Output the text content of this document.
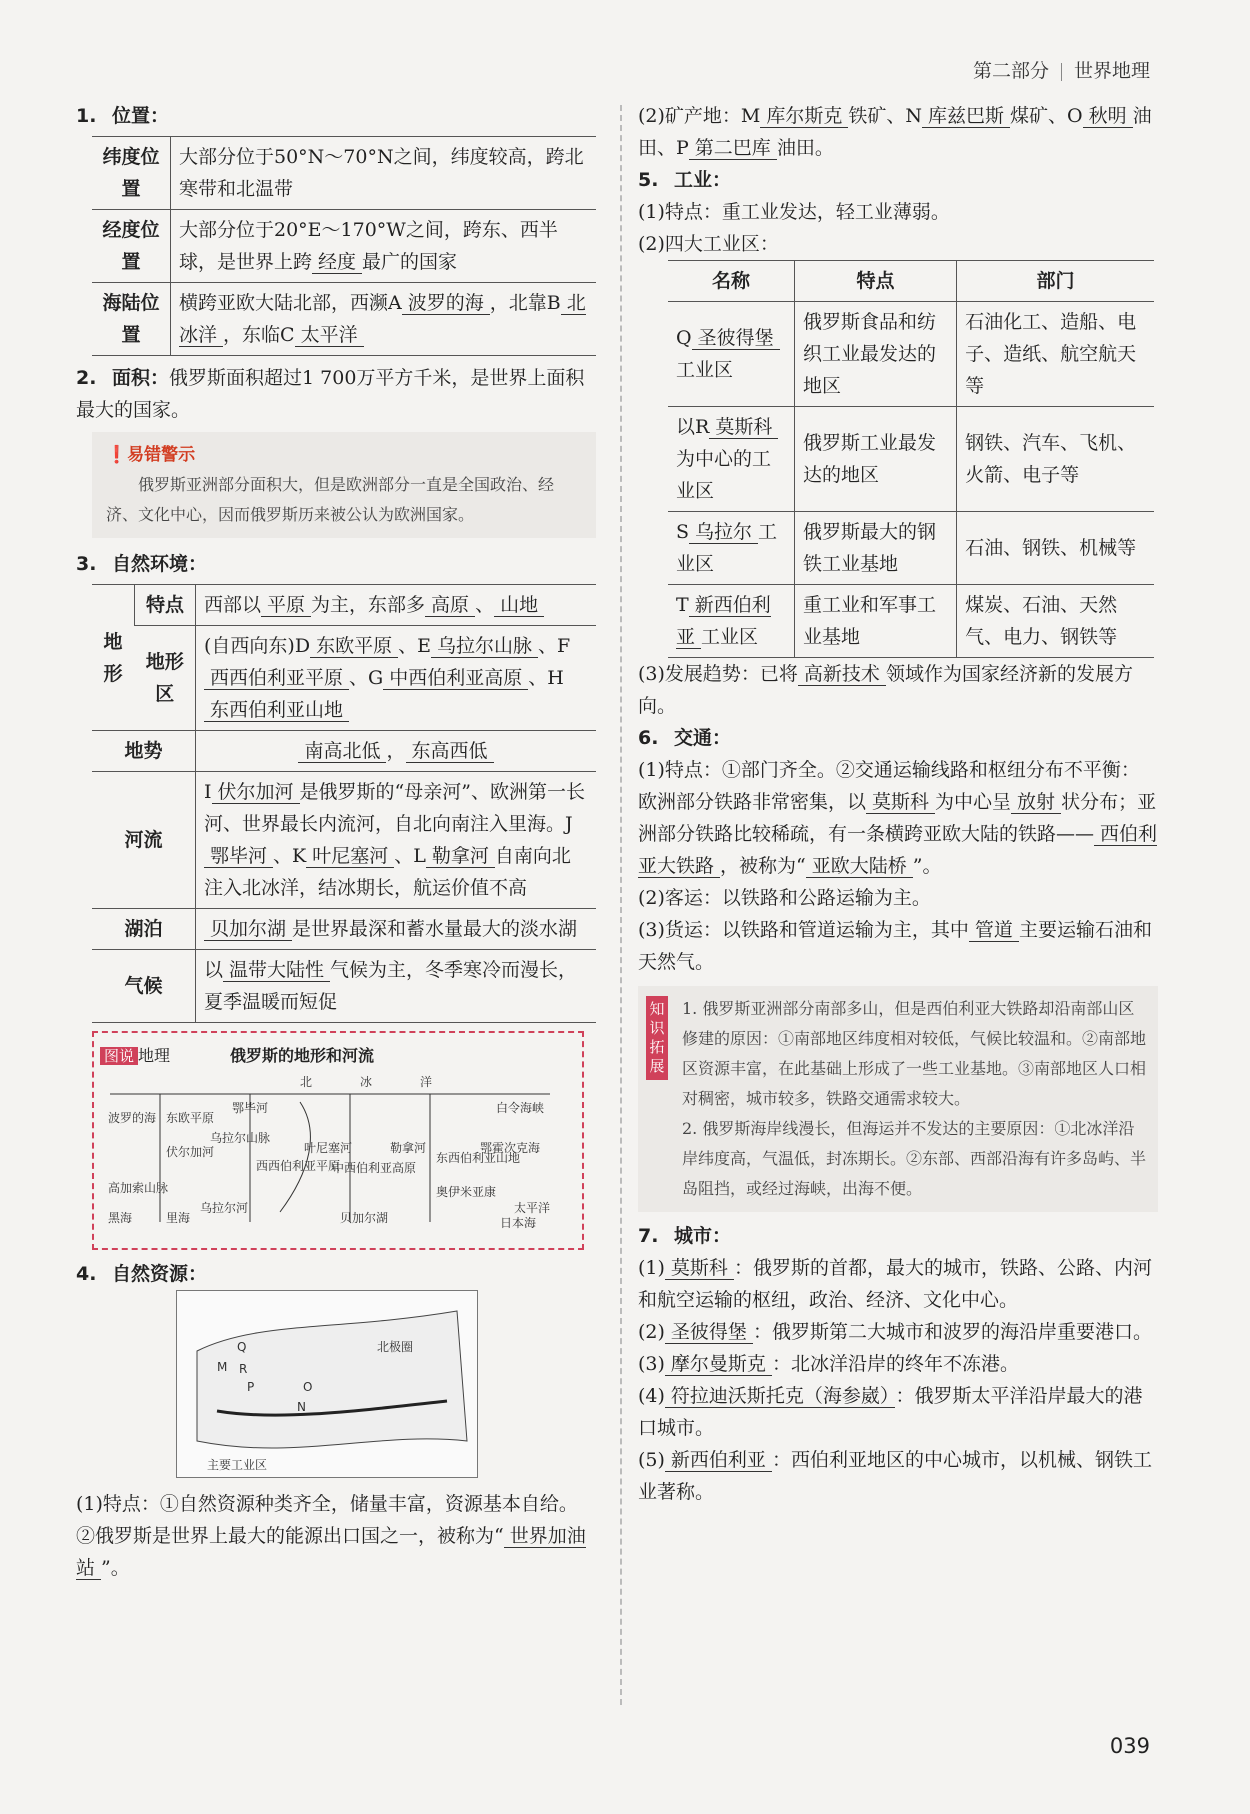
第二部分 世界地理
1. 位置：
纬度位置	大部分位于50°N～70°N之间，纬度较高，跨北寒带和北温带
经度位置	大部分位于20°E～170°W之间，跨东、西半球，是世界上跨 经度 最广的国家
海陆位置	横跨亚欧大陆北部，西濒A 波罗的海 ，北靠B 北冰洋 ，东临C 太平洋
2. 面积：俄罗斯面积超过1 700万平方千米，是世界上面积最大的国家。
❗易错警示
俄罗斯亚洲部分面积大，但是欧洲部分一直是全国政治、经济、文化中心，因而俄罗斯历来被公认为欧洲国家。
3. 自然环境：
地形	特点	西部以 平原 为主，东部多 高原 、 山地
	地形区	(自西向东)D 东欧平原 、E 乌拉尔山脉 、F西西伯利亚平原 、G 中西伯利亚高原 、H东西伯利亚山地
地势		南高北低 ， 东高西低
河流		I 伏尔加河 是俄罗斯的“母亲河”、欧洲第一长河、世界最长内流河，自北向南注入里海。J鄂毕河 、K 叶尼塞河 、L 勒拿河 自南向北注入北冰洋，结冰期长，航运价值不高
湖泊		贝加尔湖 是世界最深和蓄水量最大的淡水湖
气候		以 温带大陆性 气候为主，冬季寒冷而漫长，夏季温暖而短促
图说 地理	俄罗斯的地形和河流
北	冰	洋
波罗的海 东欧平原
伏尔加河
乌拉尔山脉
鄂毕河
西西伯利亚平原
叶尼塞河
中西伯利亚高原
勒拿河
东西伯利亚山地
白令海峡
太平洋
鄂霍次克海
奥伊米亚康
贝加尔湖
高加索山脉
里海
黑海
乌拉尔河
日本海
4. 自然资源：
M R
P
Q
N
O
北极圈
主要工业区
(1)特点：①自然资源种类齐全，储量丰富，资源基本自给。②俄罗斯是世界上最大的能源出口国之一，被称为“ 世界加油站 ”。
(2)矿产地：M 库尔斯克 铁矿、N 库兹巴斯 煤矿、O 秋明 油田、P 第二巴库 油田。
5. 工业：
(1)特点：重工业发达，轻工业薄弱。
(2)四大工业区：
名称	特点	部门
Q 圣彼得堡工业区	俄罗斯食品和纺织工业最发达的地区	石油化工、造船、电子、造纸、航空航天等
以R 莫斯科为中心的工业区	俄罗斯工业最发达的地区	钢铁、汽车、飞机、火箭、电子等
S 乌拉尔 工业区	俄罗斯最大的钢铁工业基地	石油、钢铁、机械等
T 新西伯利亚 工业区	重工业和军事工业基地	煤炭、石油、天然气、电力、钢铁等
(3)发展趋势：已将 高新技术 领域作为国家经济新的发展方向。
6. 交通：
(1)特点：①部门齐全。②交通运输线路和枢纽分布不平衡：欧洲部分铁路非常密集，以 莫斯科 为中心呈 放射 状分布；亚洲部分铁路比较稀疏，有一条横跨亚欧大陆的铁路—— 西伯利亚大铁路 ，被称为“ 亚欧大陆桥 ”。
(2)客运：以铁路和公路运输为主。
(3)货运：以铁路和管道运输为主，其中 管道 主要运输石油和天然气。
知识拓展
1. 俄罗斯亚洲部分南部多山，但是西伯利亚大铁路却沿南部山区修建的原因：①南部地区纬度相对较低，气候比较温和。②南部地区资源丰富，在此基础上形成了一些工业基地。③南部地区人口相对稠密，城市较多，铁路交通需求较大。
2. 俄罗斯海岸线漫长，但海运并不发达的主要原因：①北冰洋沿岸纬度高，气温低，封冻期长。②东部、西部沿海有许多岛屿、半岛阻挡，或经过海峡，出海不便。
7. 城市：
(1) 莫斯科 ：俄罗斯的首都，最大的城市，铁路、公路、内河和航空运输的枢纽，政治、经济、文化中心。
(2) 圣彼得堡 ：俄罗斯第二大城市和波罗的海沿岸重要港口。
(3) 摩尔曼斯克 ：北冰洋沿岸的终年不冻港。
(4) 符拉迪沃斯托克（海参崴） ：俄罗斯太平洋沿岸最大的港口城市。
(5) 新西伯利亚 ：西伯利亚地区的中心城市，以机械、钢铁工业著称。
039
